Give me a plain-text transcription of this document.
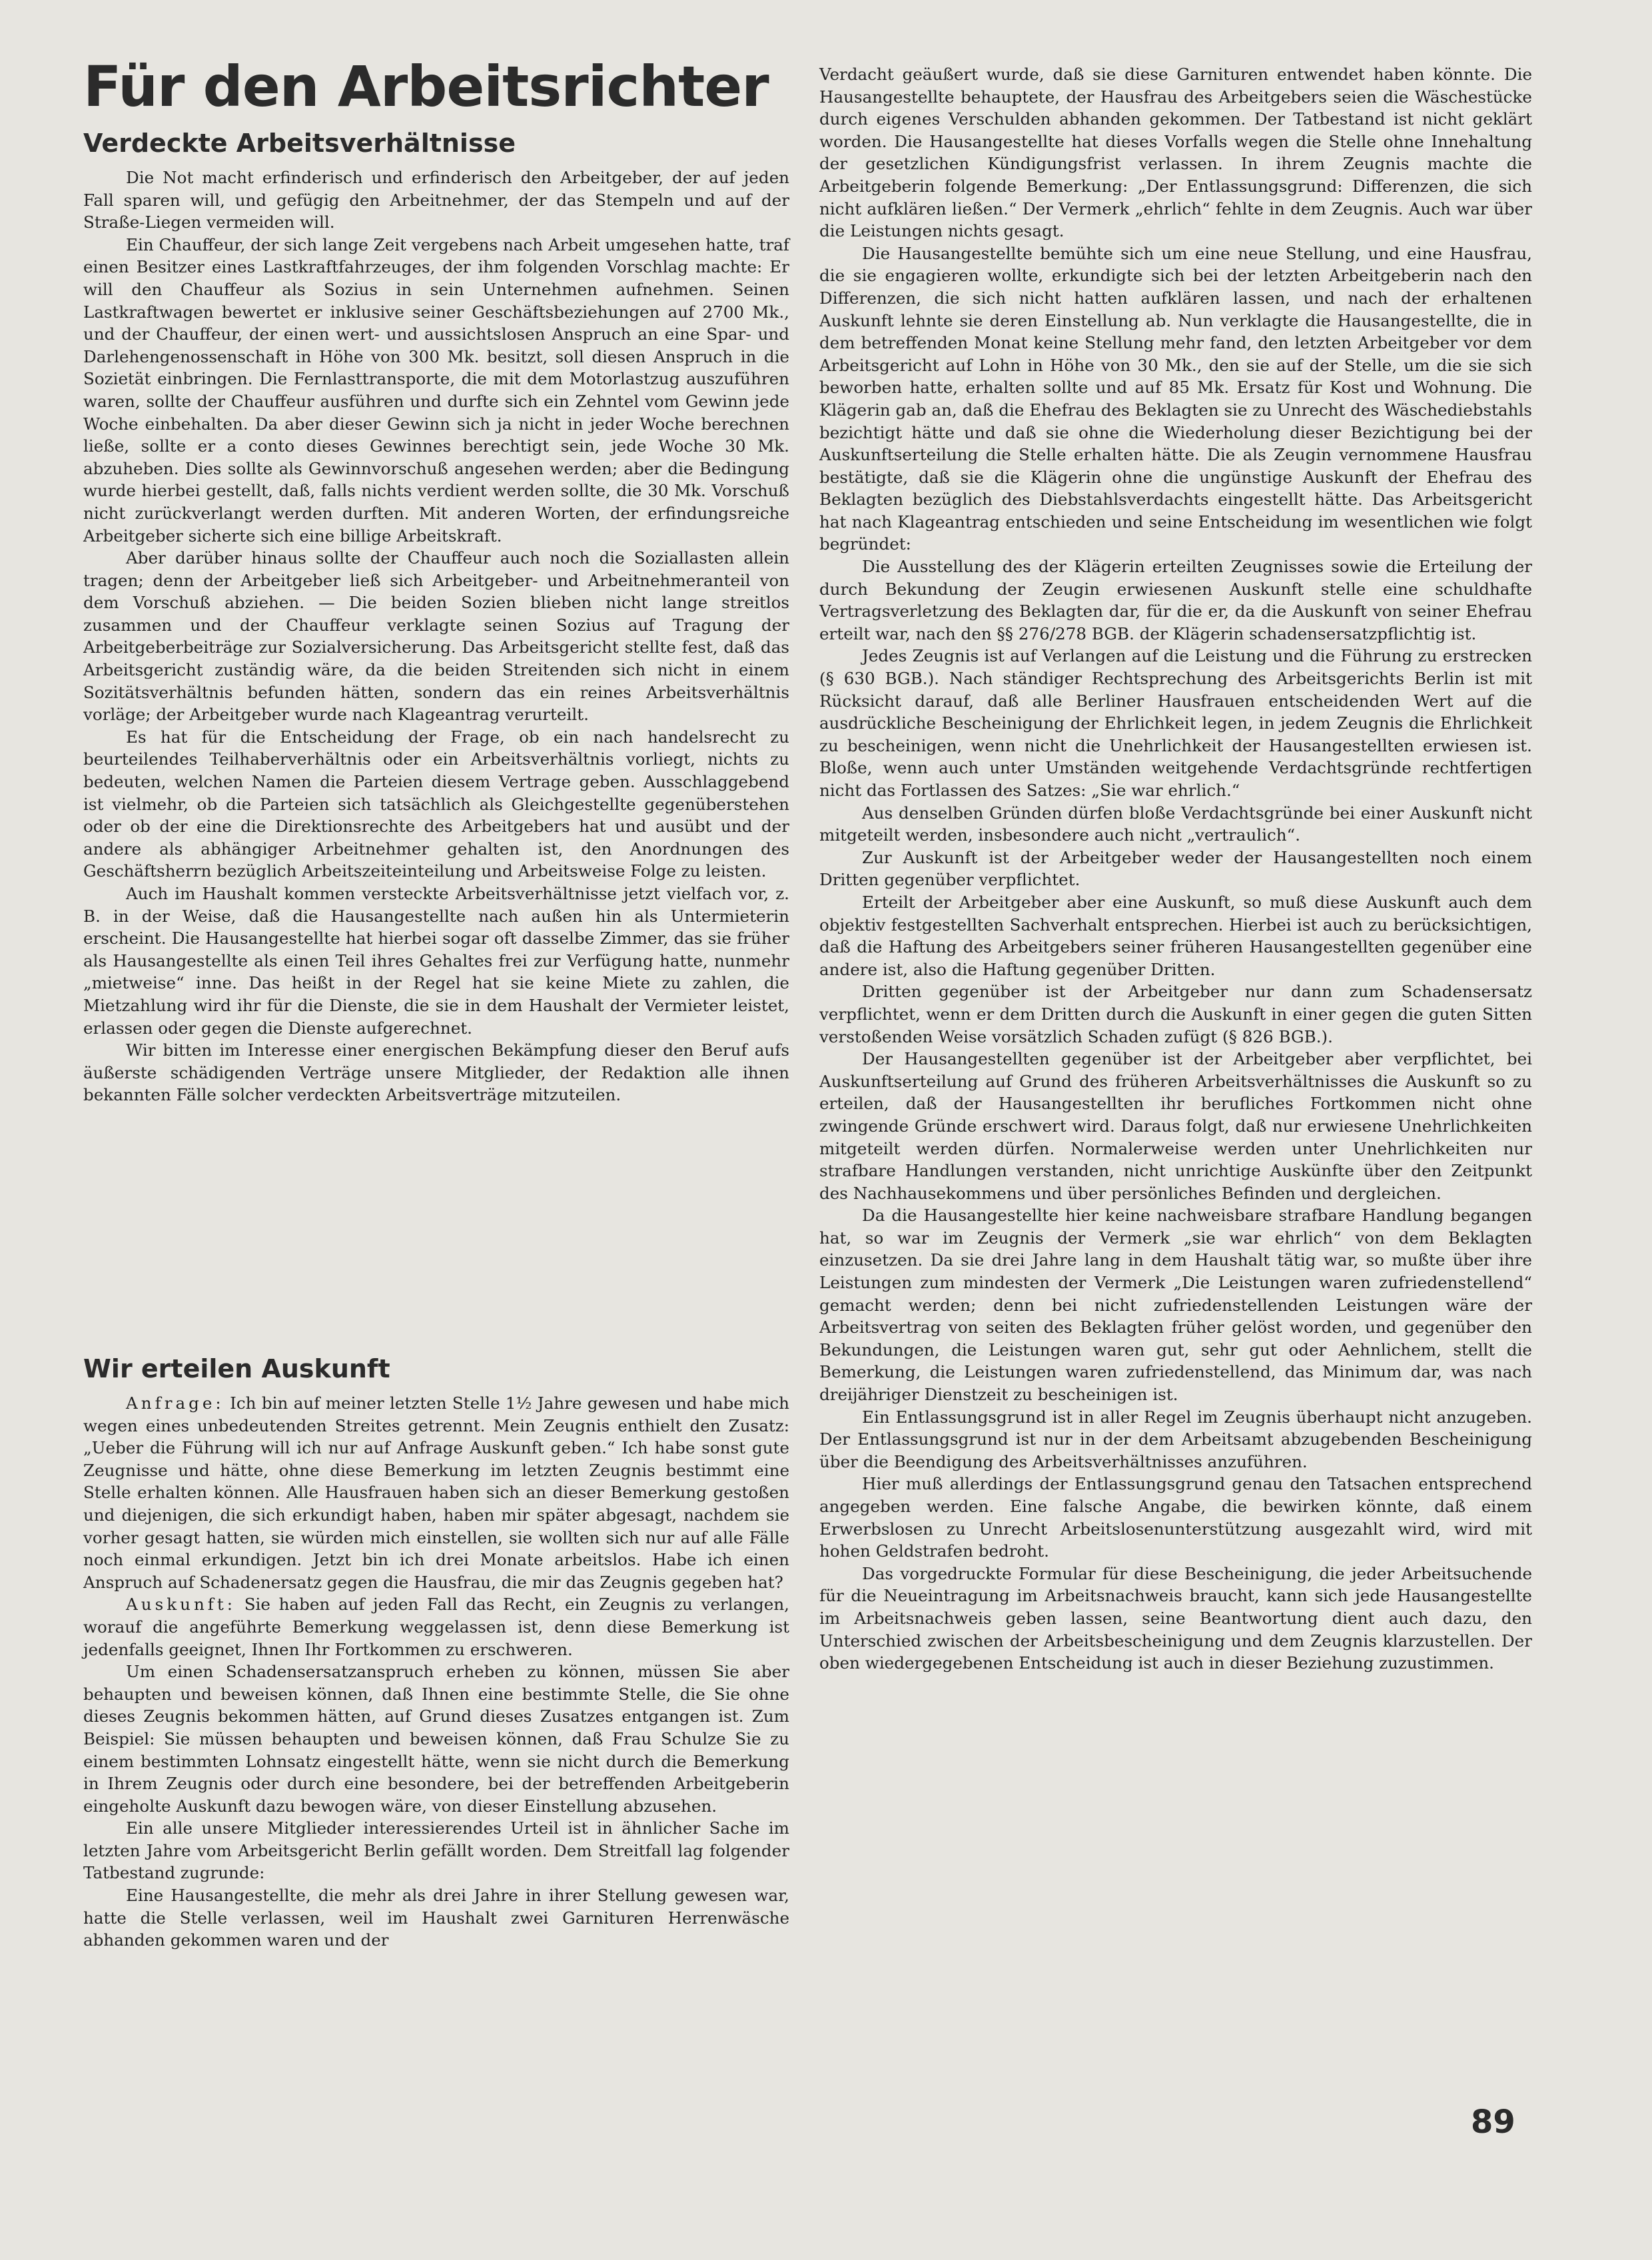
Für den Arbeitsrichter
Verdeckte Arbeitsverhältnisse

Die Not macht erfinderisch und erfinderisch den Arbeitgeber, der auf jeden Fall sparen will, und gefügig den Arbeitnehmer, der das Stempeln und auf der Straße-Liegen vermeiden will.

Ein Chauffeur, der sich lange Zeit vergebens nach Arbeit umgesehen hatte, traf einen Besitzer eines Lastkraftfahrzeuges, der ihm folgenden Vorschlag machte: Er will den Chauffeur als Sozius in sein Unternehmen aufnehmen. Seinen Lastkraftwagen bewertet er inklusive seiner Geschäftsbeziehungen auf 2700 Mk., und der Chauffeur, der einen wert- und aussichtslosen Anspruch an eine Spar- und Darlehengenossenschaft in Höhe von 300 Mk. besitzt, soll diesen Anspruch in die Sozietät einbringen. Die Fernlasttransporte, die mit dem Motorlastzug auszuführen waren, sollte der Chauffeur ausführen und durfte sich ein Zehntel vom Gewinn jede Woche einbehalten. Da aber dieser Gewinn sich ja nicht in jeder Woche berechnen ließe, sollte er a conto dieses Gewinnes berechtigt sein, jede Woche 30 Mk. abzuheben. Dies sollte als Gewinnvorschuß angesehen werden; aber die Bedingung wurde hierbei gestellt, daß, falls nichts verdient werden sollte, die 30 Mk. Vorschuß nicht zurückverlangt werden durften. Mit anderen Worten, der erfindungsreiche Arbeitgeber sicherte sich eine billige Arbeitskraft.

Aber darüber hinaus sollte der Chauffeur auch noch die Soziallasten allein tragen; denn der Arbeitgeber ließ sich Arbeitgeber- und Arbeitnehmeranteil von dem Vorschuß abziehen. — Die beiden Sozien blieben nicht lange streitlos zusammen und der Chauffeur verklagte seinen Sozius auf Tragung der Arbeitgeberbeiträge zur Sozialversicherung. Das Arbeitsgericht stellte fest, daß das Arbeitsgericht zuständig wäre, da die beiden Streitenden sich nicht in einem Sozitätsverhältnis befunden hätten, sondern das ein reines Arbeitsverhältnis vorläge; der Arbeitgeber wurde nach Klageantrag verurteilt.

Es hat für die Entscheidung der Frage, ob ein nach handelsrecht zu beurteilendes Teilhaberverhältnis oder ein Arbeitsverhältnis vorliegt, nichts zu bedeuten, welchen Namen die Parteien diesem Vertrage geben. Ausschlaggebend ist vielmehr, ob die Parteien sich tatsächlich als Gleichgestellte gegenüberstehen oder ob der eine die Direktionsrechte des Arbeitgebers hat und ausübt und der andere als abhängiger Arbeitnehmer gehalten ist, den Anordnungen des Geschäftsherrn bezüglich Arbeitszeiteinteilung und Arbeitsweise Folge zu leisten.

Auch im Haushalt kommen versteckte Arbeitsverhältnisse jetzt vielfach vor, z. B. in der Weise, daß die Hausangestellte nach außen hin als Untermieterin erscheint. Die Hausangestellte hat hierbei sogar oft dasselbe Zimmer, das sie früher als Hausangestellte als einen Teil ihres Gehaltes frei zur Verfügung hatte, nunmehr „mietweise“ inne. Das heißt in der Regel hat sie keine Miete zu zahlen, die Mietzahlung wird ihr für die Dienste, die sie in dem Haushalt der Vermieter leistet, erlassen oder gegen die Dienste aufgerechnet.

Wir bitten im Interesse einer energischen Bekämpfung dieser den Beruf aufs äußerste schädigenden Verträge unsere Mitglieder, der Redaktion alle ihnen bekannten Fälle solcher verdeckten Arbeitsverträge mitzuteilen.

Anfrage: Ich bin auf meiner letzten Stelle 1½ Jahre gewesen und habe mich wegen eines unbedeutenden Streites getrennt. Mein Zeugnis enthielt den Zusatz: „Ueber die Führung will ich nur auf Anfrage Auskunft geben.“ Ich habe sonst gute Zeugnisse und hätte, ohne diese Bemerkung im letzten Zeugnis bestimmt eine Stelle erhalten können. Alle Hausfrauen haben sich an dieser Bemerkung gestoßen und diejenigen, die sich erkundigt haben, haben mir später abgesagt, nachdem sie vorher gesagt hatten, sie würden mich einstellen, sie wollten sich nur auf alle Fälle noch einmal erkundigen. Jetzt bin ich drei Monate arbeitslos. Habe ich einen Anspruch auf Schadenersatz gegen die Hausfrau, die mir das Zeugnis gegeben hat?

Auskunft: Sie haben auf jeden Fall das Recht, ein Zeugnis zu verlangen, worauf die angeführte Bemerkung weggelassen ist, denn diese Bemerkung ist jedenfalls geeignet, Ihnen Ihr Fortkommen zu erschweren.

Um einen Schadensersatzanspruch erheben zu können, müssen Sie aber behaupten und beweisen können, daß Ihnen eine bestimmte Stelle, die Sie ohne dieses Zeugnis bekommen hätten, auf Grund dieses Zusatzes entgangen ist. Zum Beispiel: Sie müssen behaupten und beweisen können, daß Frau Schulze Sie zu einem bestimmten Lohnsatz eingestellt hätte, wenn sie nicht durch die Bemerkung in Ihrem Zeugnis oder durch eine besondere, bei der betreffenden Arbeitgeberin eingeholte Auskunft dazu bewogen wäre, von dieser Einstellung abzusehen.

Ein alle unsere Mitglieder interessierendes Urteil ist in ähnlicher Sache im letzten Jahre vom Arbeitsgericht Berlin gefällt worden. Dem Streitfall lag folgender Tatbestand zugrunde:

Eine Hausangestellte, die mehr als drei Jahre in ihrer Stellung gewesen war, hatte die Stelle verlassen, weil im Haushalt zwei Garnituren Herrenwäsche abhanden gekommen waren und der

Wir erteilen Auskunft

Verdacht geäußert wurde, daß sie diese Garnituren entwendet haben könnte. Die Hausangestellte behauptete, der Hausfrau des Arbeitgebers seien die Wäschestücke durch eigenes Verschulden abhanden gekommen. Der Tatbestand ist nicht geklärt worden. Die Hausangestellte hat dieses Vorfalls wegen die Stelle ohne Innehaltung der gesetzlichen Kündigungsfrist verlassen. In ihrem Zeugnis machte die Arbeitgeberin folgende Bemerkung: „Der Entlassungsgrund: Differenzen, die sich nicht aufklären ließen.“ Der Vermerk „ehrlich“ fehlte in dem Zeugnis. Auch war über die Leistungen nichts gesagt.

Die Hausangestellte bemühte sich um eine neue Stellung, und eine Hausfrau, die sie engagieren wollte, erkundigte sich bei der letzten Arbeitgeberin nach den Differenzen, die sich nicht hatten aufklären lassen, und nach der erhaltenen Auskunft lehnte sie deren Einstellung ab. Nun verklagte die Hausangestellte, die in dem betreffenden Monat keine Stellung mehr fand, den letzten Arbeitgeber vor dem Arbeitsgericht auf Lohn in Höhe von 30 Mk., den sie auf der Stelle, um die sie sich beworben hatte, erhalten sollte und auf 85 Mk. Ersatz für Kost und Wohnung. Die Klägerin gab an, daß die Ehefrau des Beklagten sie zu Unrecht des Wäschediebstahls bezichtigt hätte und daß sie ohne die Wiederholung dieser Bezichtigung bei der Auskunftserteilung die Stelle erhalten hätte. Die als Zeugin vernommene Hausfrau bestätigte, daß sie die Klägerin ohne die ungünstige Auskunft der Ehefrau des Beklagten bezüglich des Diebstahlsverdachts eingestellt hätte. Das Arbeitsgericht hat nach Klageantrag entschieden und seine Entscheidung im wesentlichen wie folgt begründet:

Die Ausstellung des der Klägerin erteilten Zeugnisses sowie die Erteilung der durch Bekundung der Zeugin erwiesenen Auskunft stelle eine schuldhafte Vertragsverletzung des Beklagten dar, für die er, da die Auskunft von seiner Ehefrau erteilt war, nach den §§ 276/278 BGB. der Klägerin schadensersatzpflichtig ist.

Jedes Zeugnis ist auf Verlangen auf die Leistung und die Führung zu erstrecken (§ 630 BGB.). Nach ständiger Rechtsprechung des Arbeitsgerichts Berlin ist mit Rücksicht darauf, daß alle Berliner Hausfrauen entscheidenden Wert auf die ausdrückliche Bescheinigung der Ehrlichkeit legen, in jedem Zeugnis die Ehrlichkeit zu bescheinigen, wenn nicht die Unehrlichkeit der Hausangestellten erwiesen ist. Bloße, wenn auch unter Umständen weitgehende Verdachtsgründe rechtfertigen nicht das Fortlassen des Satzes: „Sie war ehrlich.“

Aus denselben Gründen dürfen bloße Verdachtsgründe bei einer Auskunft nicht mitgeteilt werden, insbesondere auch nicht „vertraulich“.

Zur Auskunft ist der Arbeitgeber weder der Hausangestellten noch einem Dritten gegenüber verpflichtet.

Erteilt der Arbeitgeber aber eine Auskunft, so muß diese Auskunft auch dem objektiv festgestellten Sachverhalt entsprechen. Hierbei ist auch zu berücksichtigen, daß die Haftung des Arbeitgebers seiner früheren Hausangestellten gegenüber eine andere ist, also die Haftung gegenüber Dritten.

Dritten gegenüber ist der Arbeitgeber nur dann zum Schadensersatz verpflichtet, wenn er dem Dritten durch die Auskunft in einer gegen die guten Sitten verstoßenden Weise vorsätzlich Schaden zufügt (§ 826 BGB.).

Der Hausangestellten gegenüber ist der Arbeitgeber aber verpflichtet, bei Auskunftserteilung auf Grund des früheren Arbeitsverhältnisses die Auskunft so zu erteilen, daß der Hausangestellten ihr berufliches Fortkommen nicht ohne zwingende Gründe erschwert wird. Daraus folgt, daß nur erwiesene Unehrlichkeiten mitgeteilt werden dürfen. Normalerweise werden unter Unehrlichkeiten nur strafbare Handlungen verstanden, nicht unrichtige Auskünfte über den Zeitpunkt des Nachhausekommens und über persönliches Befinden und dergleichen.

Da die Hausangestellte hier keine nachweisbare strafbare Handlung begangen hat, so war im Zeugnis der Vermerk „sie war ehrlich“ von dem Beklagten einzusetzen. Da sie drei Jahre lang in dem Haushalt tätig war, so mußte über ihre Leistungen zum mindesten der Vermerk „Die Leistungen waren zufriedenstellend“ gemacht werden; denn bei nicht zufriedenstellenden Leistungen wäre der Arbeitsvertrag von seiten des Beklagten früher gelöst worden, und gegenüber den Bekundungen, die Leistungen waren gut, sehr gut oder Aehnlichem, stellt die Bemerkung, die Leistungen waren zufriedenstellend, das Minimum dar, was nach dreijähriger Dienstzeit zu bescheinigen ist.

Ein Entlassungsgrund ist in aller Regel im Zeugnis überhaupt nicht anzugeben. Der Entlassungsgrund ist nur in der dem Arbeitsamt abzugebenden Bescheinigung über die Beendigung des Arbeitsverhältnisses anzuführen.

Hier muß allerdings der Entlassungsgrund genau den Tatsachen entsprechend angegeben werden. Eine falsche Angabe, die bewirken könnte, daß einem Erwerbslosen zu Unrecht Arbeitslosenunterstützung ausgezahlt wird, wird mit hohen Geldstrafen bedroht.

Das vorgedruckte Formular für diese Bescheinigung, die jeder Arbeitsuchende für die Neueintragung im Arbeitsnachweis braucht, kann sich jede Hausangestellte im Arbeitsnachweis geben lassen, seine Beantwortung dient auch dazu, den Unterschied zwischen der Arbeitsbescheinigung und dem Zeugnis klarzustellen. Der oben wiedergegebenen Entscheidung ist auch in dieser Beziehung zuzustimmen.

89
